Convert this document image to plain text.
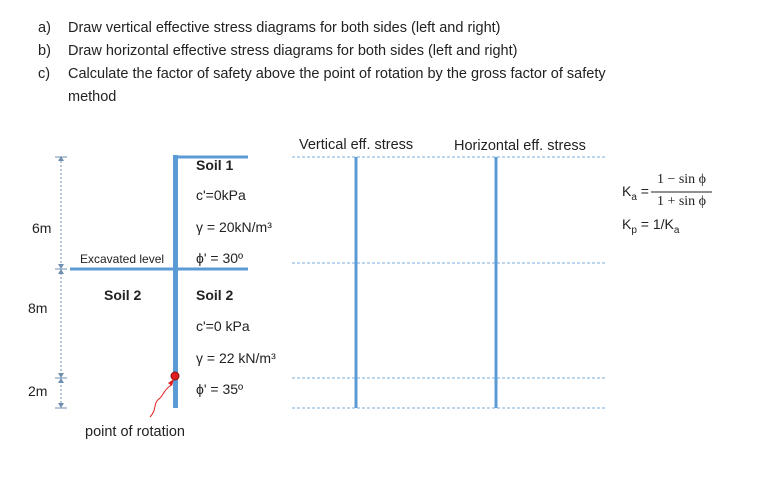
a) Draw vertical effective stress diagrams for both sides (left and right)
b) Draw horizontal effective stress diagrams for both sides (left and right)
c) Calculate the factor of safety above the point of rotation by the gross factor of safety
method
Vertical eff. stress	Horizontal eff. stress
6m
8m
2m
Excavated level
Soil 2
Soil 1
c'=0kPa
γ = 20kN/m³
ϕ' = 30º
Soil 2
c'=0 kPa
γ = 22 kN/m³
ϕ' = 35º
point of rotation
$K_a$ =
1 − sin ϕ
1 + sin ϕ
$K_p = 1/K_a$
